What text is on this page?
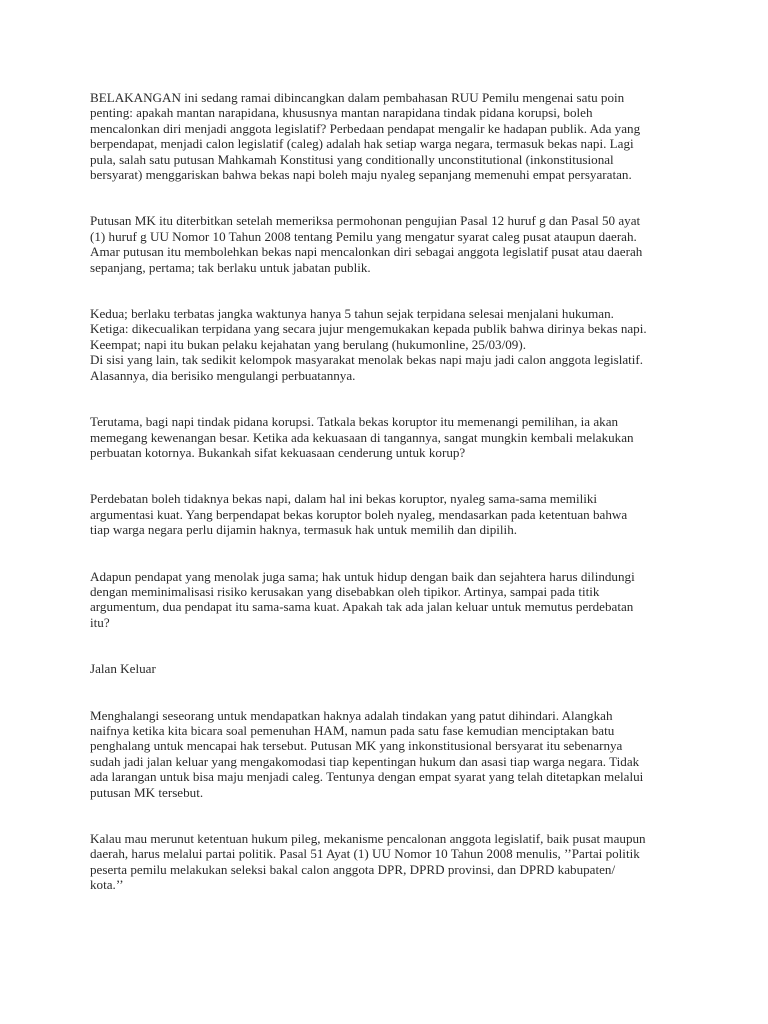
BELAKANGAN ini sedang ramai dibincangkan dalam pembahasan RUU Pemilu mengenai satu poin
penting: apakah mantan narapidana, khususnya mantan narapidana tindak pidana korupsi, boleh
mencalonkan diri menjadi anggota legislatif? Perbedaan pendapat mengalir ke hadapan publik. Ada yang
berpendapat, menjadi calon legislatif (caleg) adalah hak setiap warga negara, termasuk bekas napi. Lagi
pula, salah satu putusan Mahkamah Konstitusi yang conditionally unconstitutional (inkonstitusional
bersyarat) menggariskan bahwa bekas napi boleh maju nyaleg sepanjang memenuhi empat persyaratan.
Putusan MK itu diterbitkan setelah memeriksa permohonan pengujian Pasal 12 huruf g dan Pasal 50 ayat
(1) huruf g UU Nomor 10 Tahun 2008 tentang Pemilu yang mengatur syarat caleg pusat ataupun daerah.
Amar putusan itu membolehkan bekas napi mencalonkan diri sebagai anggota legislatif pusat atau daerah
sepanjang, pertama; tak berlaku untuk jabatan publik.
Kedua; berlaku terbatas jangka waktunya hanya 5 tahun sejak terpidana selesai menjalani hukuman.
Ketiga: dikecualikan terpidana yang secara jujur mengemukakan kepada publik bahwa dirinya bekas napi.
Keempat; napi itu bukan pelaku kejahatan yang berulang (hukumonline, 25/03/09).
Di sisi yang lain, tak sedikit kelompok masyarakat menolak bekas napi maju jadi calon anggota legislatif.
Alasannya, dia berisiko mengulangi perbuatannya.
Terutama, bagi napi tindak pidana korupsi. Tatkala bekas koruptor itu memenangi pemilihan, ia akan
memegang kewenangan besar. Ketika ada kekuasaan di tangannya, sangat mungkin kembali melakukan
perbuatan kotornya. Bukankah sifat kekuasaan cenderung untuk korup?
Perdebatan boleh tidaknya bekas napi, dalam hal ini bekas koruptor, nyaleg sama-sama memiliki
argumentasi kuat. Yang berpendapat bekas koruptor boleh nyaleg, mendasarkan pada ketentuan bahwa
tiap warga negara perlu dijamin haknya, termasuk hak untuk memilih dan dipilih.
Adapun pendapat yang menolak juga sama; hak untuk hidup dengan baik dan sejahtera harus dilindungi
dengan meminimalisasi risiko kerusakan yang disebabkan oleh tipikor. Artinya, sampai pada titik
argumentum, dua pendapat itu sama-sama kuat. Apakah tak ada jalan keluar untuk memutus perdebatan
itu?
Jalan Keluar
Menghalangi seseorang untuk mendapatkan haknya adalah tindakan yang patut dihindari. Alangkah
naifnya ketika kita bicara soal pemenuhan HAM, namun pada satu fase kemudian menciptakan batu
penghalang untuk mencapai hak tersebut. Putusan MK yang inkonstitusional bersyarat itu sebenarnya
sudah jadi jalan keluar yang mengakomodasi tiap kepentingan hukum dan asasi tiap warga negara. Tidak
ada larangan untuk bisa maju menjadi caleg. Tentunya dengan empat syarat yang telah ditetapkan melalui
putusan MK tersebut.
Kalau mau merunut ketentuan hukum pileg, mekanisme pencalonan anggota legislatif, baik pusat maupun
daerah, harus melalui partai politik. Pasal 51 Ayat (1) UU Nomor 10 Tahun 2008 menulis, ’’Partai politik
peserta pemilu melakukan seleksi bakal calon anggota DPR, DPRD provinsi, dan DPRD kabupaten/
kota.’’
